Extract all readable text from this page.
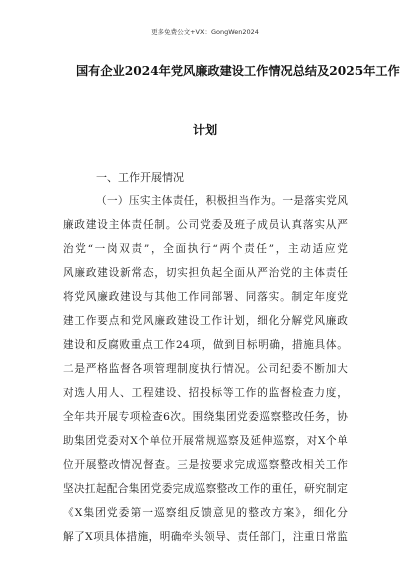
更多免费公文+VX：GongWen2024
国有企业2024年党风廉政建设工作情况总结及2025年工作
计划
一、工作开展情况
（一）压实主体责任，积极担当作为。一是落实党风
廉政建设主体责任制。公司党委及班子成员认真落实从严
治党“一岗双责”，全面执行“两个责任”，主动适应党
风廉政建设新常态，切实担负起全面从严治党的主体责任
将党风廉政建设与其他工作同部署、同落实。制定年度党
建工作要点和党风廉政建设工作计划，细化分解党风廉政
建设和反腐败重点工作24项，做到目标明确，措施具体。
二是严格监督各项管理制度执行情况。公司纪委不断加大
对选人用人、工程建设、招投标等工作的监督检查力度，
全年共开展专项检查6次。围绕集团党委巡察整改任务，协
助集团党委对X个单位开展常规巡察及延伸巡察，对X个单
位开展整改情况督查。三是按要求完成巡察整改相关工作
坚决扛起配合集团党委完成巡察整改工作的重任，研究制定
《X集团党委第一巡察组反馈意见的整改方案》，细化分
解了X项具体措施，明确牵头领导、责任部门，注重日常监
